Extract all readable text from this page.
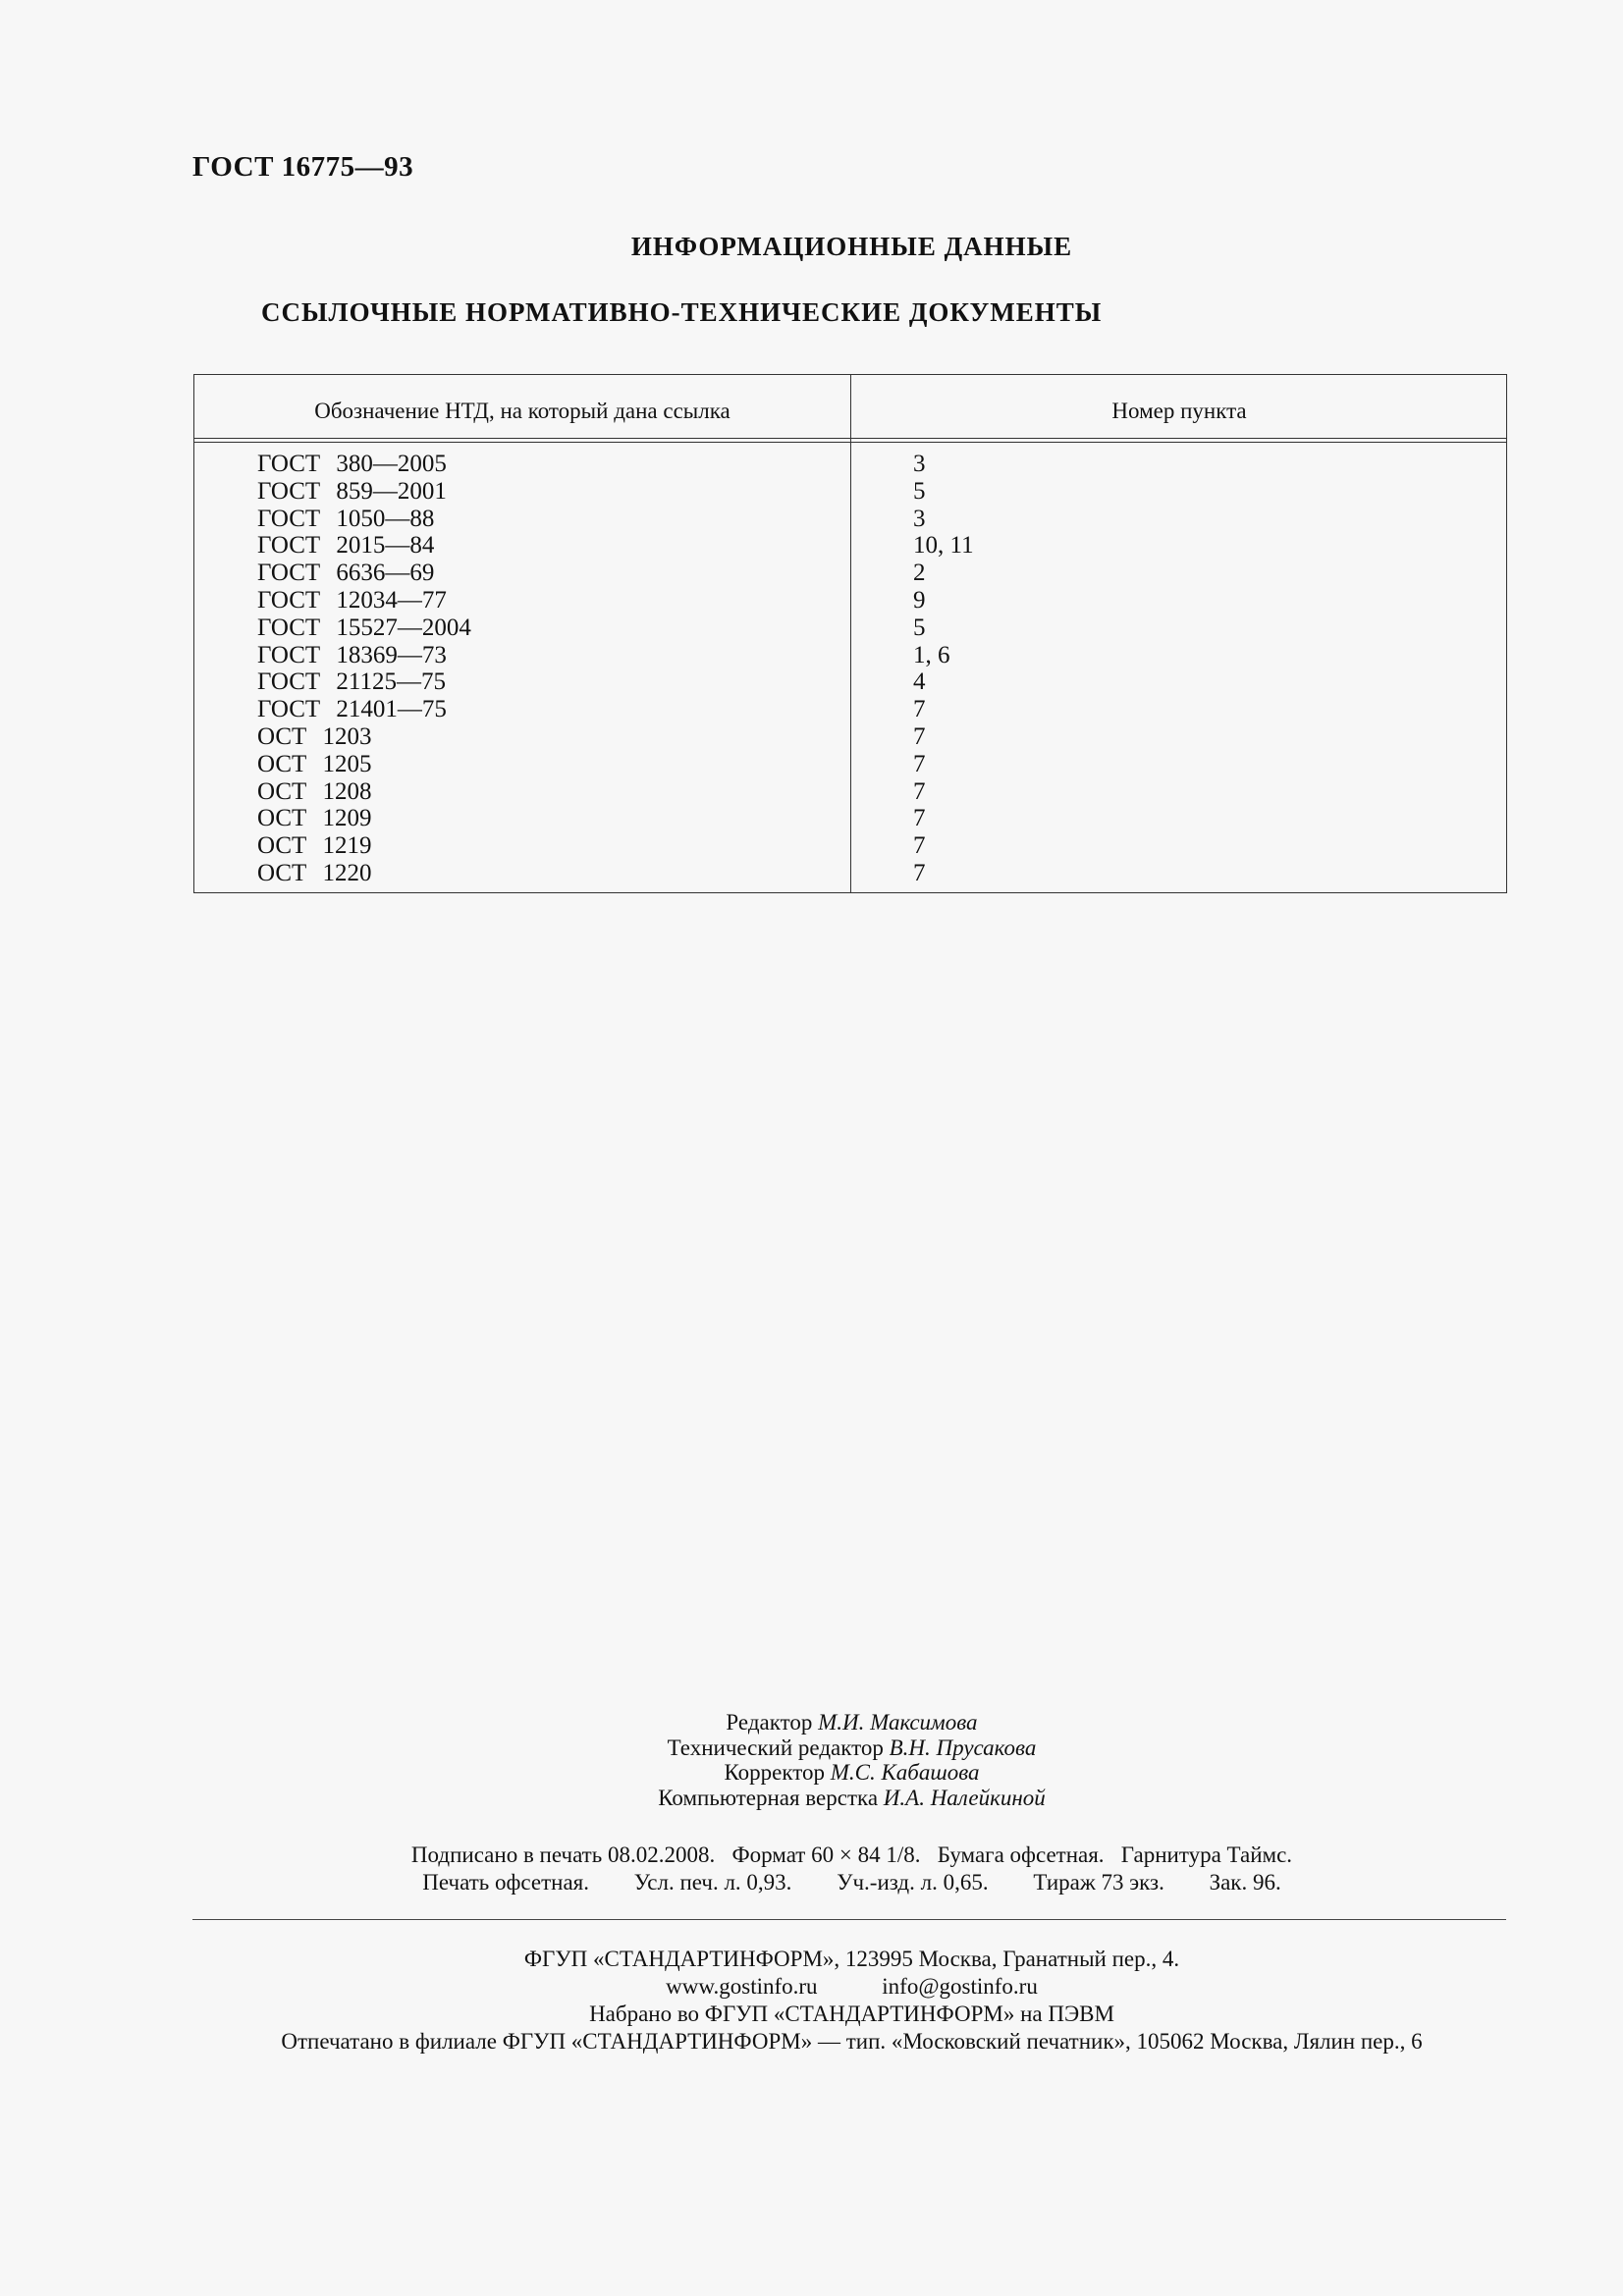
ГОСТ 16775—93
ИНФОРМАЦИОННЫЕ ДАННЫЕ
ССЫЛОЧНЫЕ НОРМАТИВНО-ТЕХНИЧЕСКИЕ ДОКУМЕНТЫ
Обозначение НТД, на который дана ссылка	Номер пункта
ГОСТ 380—2005	3
ГОСТ 859—2001	5
ГОСТ 1050—88	3
ГОСТ 2015—84	10, 11
ГОСТ 6636—69	2
ГОСТ 12034—77	9
ГОСТ 15527—2004	5
ГОСТ 18369—73	1, 6
ГОСТ 21125—75	4
ГОСТ 21401—75	7
ОСТ 1203	7
ОСТ 1205	7
ОСТ 1208	7
ОСТ 1209	7
ОСТ 1219	7
ОСТ 1220	7
Редактор М.И. Максимова
Технический редактор В.Н. Прусакова
Корректор М.С. Кабашова
Компьютерная верстка И.А. Налейкиной
Подписано в печать 08.02.2008.   Формат 60 × 84 1/8.   Бумага офсетная.   Гарнитура Таймс.
Печать офсетная. Усл. печ. л. 0,93. Уч.-изд. л. 0,65. Тираж 73 экз. Зак. 96.
ФГУП «СТАНДАРТИНФОРМ», 123995 Москва, Гранатный пер., 4.
www.gostinfo.ru	info@gostinfo.ru
Набрано во ФГУП «СТАНДАРТИНФОРМ» на ПЭВМ
Отпечатано в филиале ФГУП «СТАНДАРТИНФОРМ» — тип. «Московский печатник», 105062 Москва, Лялин пер., 6
